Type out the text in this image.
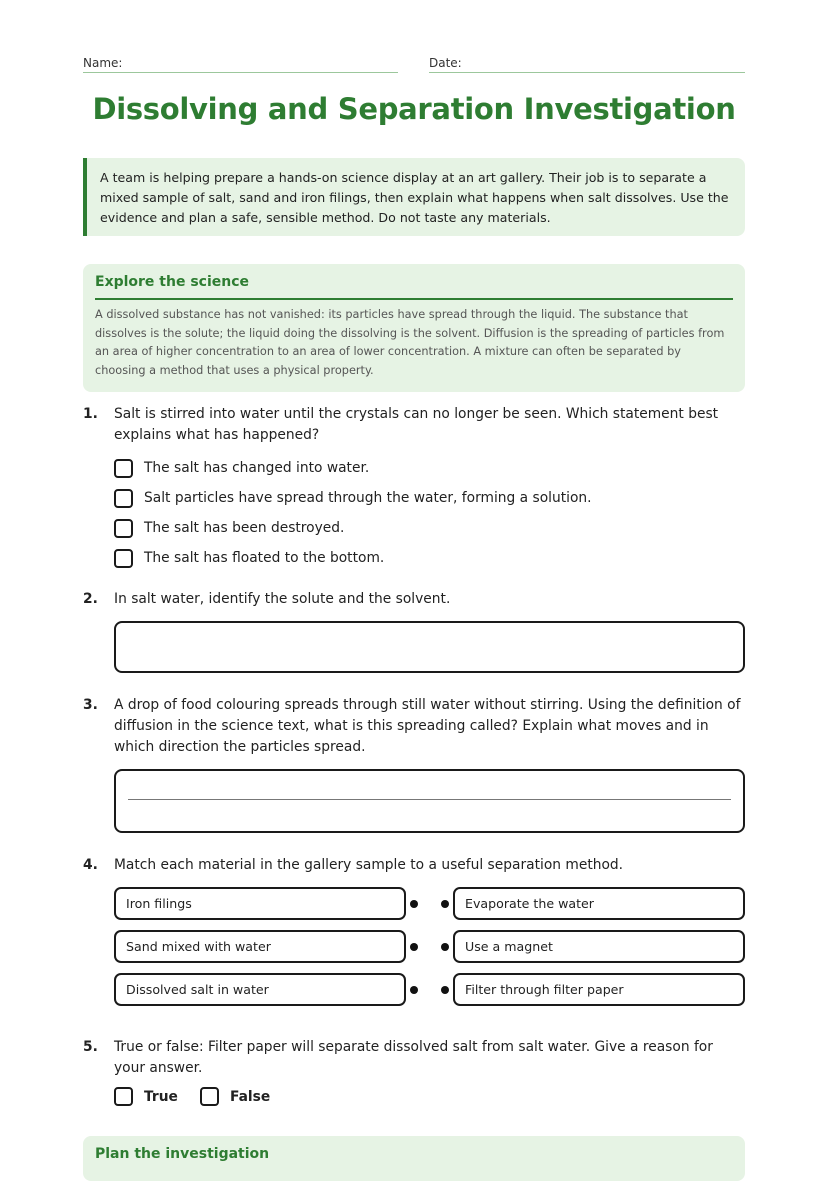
Name:	Date:
Dissolving and Separation Investigation
A team is helping prepare a hands-on science display at an art gallery. Their job is to separate a mixed sample of salt, sand and iron filings, then explain what happens when salt dissolves. Use the evidence and plan a safe, sensible method. Do not taste any materials.
Explore the science

A dissolved substance has not vanished: its particles have spread through the liquid. The substance that dissolves is the solute; the liquid doing the dissolving is the solvent. Diffusion is the spreading of particles from an area of higher concentration to an area of lower concentration. A mixture can often be separated by choosing a method that uses a physical property.

1. Salt is stirred into water until the crystals can no longer be seen. Which statement best explains what has happened?
The salt has changed into water.
Salt particles have spread through the water, forming a solution.
The salt has been destroyed.
The salt has floated to the bottom.
2. In salt water, identify the solute and the solvent.
3. A drop of food colouring spreads through still water without stirring. Using the definition of diffusion in the science text, what is this spreading called? Explain what moves and in which direction the particles spread.
4. Match each material in the gallery sample to a useful separation method.
Iron filings	Evaporate the water
Sand mixed with water	Use a magnet
Dissolved salt in water	Filter through filter paper
5. True or false: Filter paper will separate dissolved salt from salt water. Give a reason for your answer.
True	False
Plan the investigation
